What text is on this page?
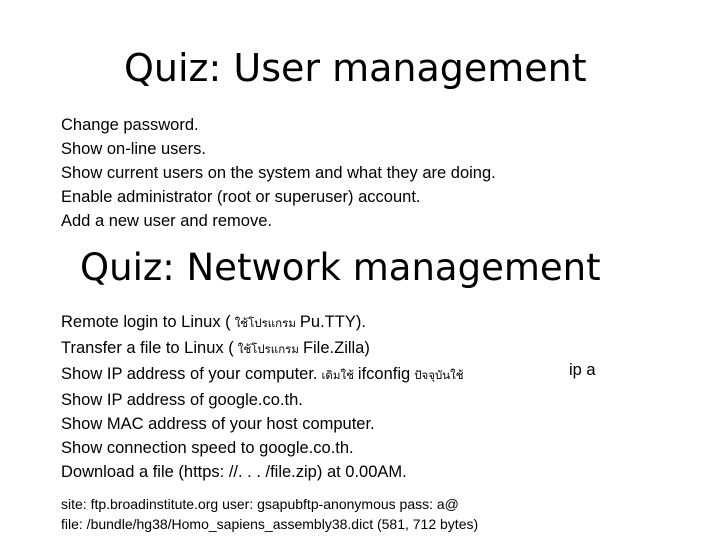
Quiz: User management
Change password.
Show on-line users.
Show current users on the system and what they are doing.
Enable administrator (root or superuser) account.
Add a new user and remove.
Quiz: Network management
Remote login to Linux ( ใช้โปรแกรม Pu.TTY).
Transfer a file to Linux ( ใช้โปรแกรม File.Zilla)
Show IP address of your computer. เดิมใช้ ifconfig ปัจจุบันใช้
Show IP address of google.co.th.
Show MAC address of your host computer.
Show connection speed to google.co.th.
Download a file (https: //. . . /file.zip) at 0.00AM.
ip a
site: ftp.broadinstitute.org user: gsapubftp-anonymous pass: a@
file: /bundle/hg38/Homo_sapiens_assembly38.dict (581, 712 bytes)
